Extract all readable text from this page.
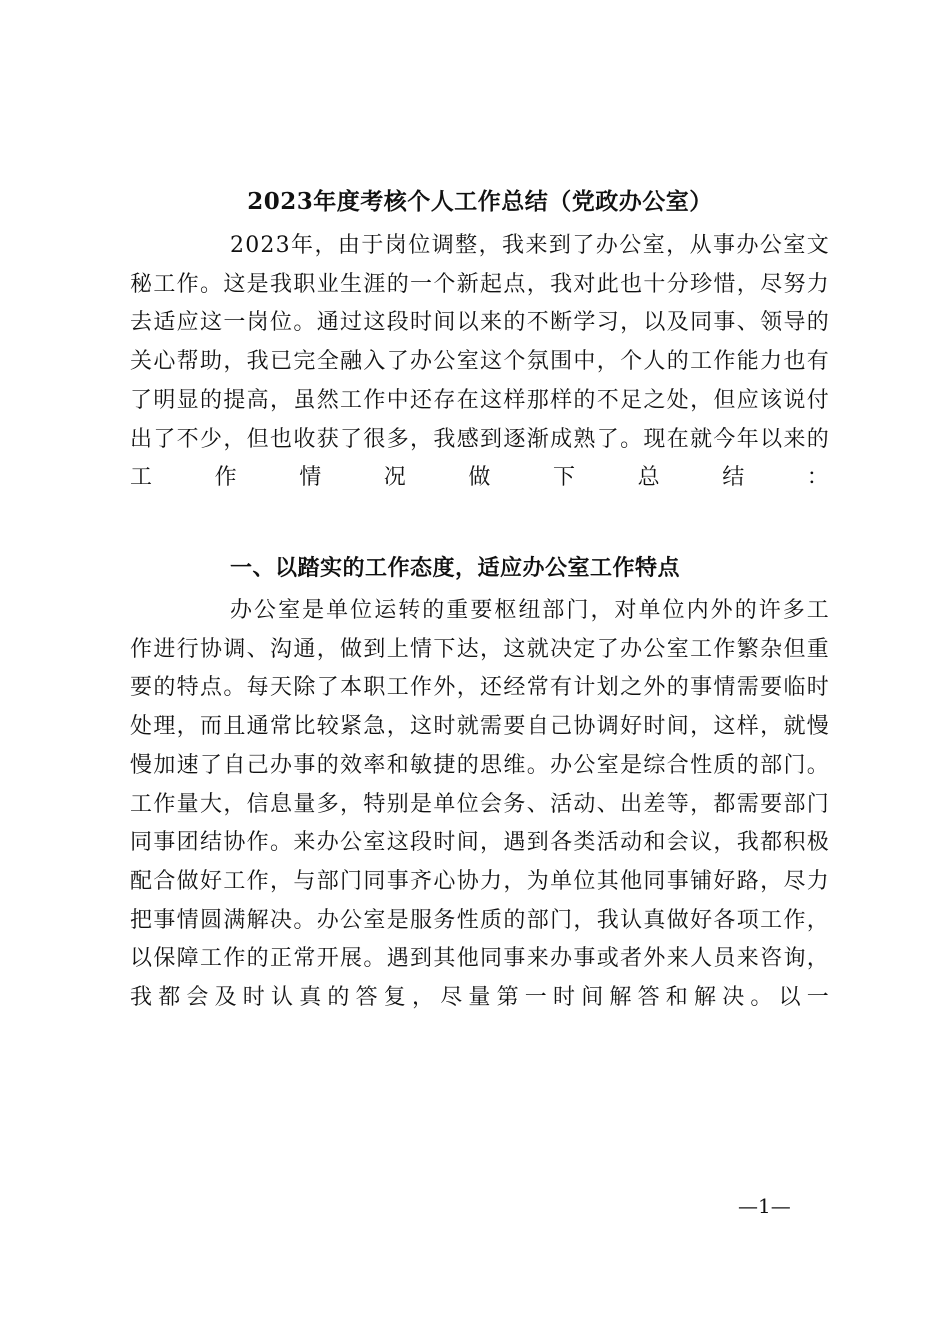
2023年度考核个人工作总结（党政办公室）
2023年，由于岗位调整，我来到了办公室，从事办公室文秘工作。这是我职业生涯的一个新起点，我对此也十分珍惜，尽努力去适应这一岗位。通过这段时间以来的不断学习，以及同事、领导的关心帮助，我已完全融入了办公室这个氛围中，个人的工作能力也有了明显的提高，虽然工作中还存在这样那样的不足之处，但应该说付出了不少，但也收获了很多，我感到逐渐成熟了。现在就今年以来的工作情况做下总结：
一、以踏实的工作态度，适应办公室工作特点
办公室是单位运转的重要枢纽部门，对单位内外的许多工作进行协调、沟通，做到上情下达，这就决定了办公室工作繁杂但重要的特点。每天除了本职工作外，还经常有计划之外的事情需要临时处理，而且通常比较紧急，这时就需要自己协调好时间，这样，就慢慢加速了自己办事的效率和敏捷的思维。办公室是综合性质的部门。工作量大，信息量多，特别是单位会务、活动、出差等，都需要部门同事团结协作。来办公室这段时间，遇到各类活动和会议，我都积极配合做好工作，与部门同事齐心协力，为单位其他同事铺好路，尽力把事情圆满解决。办公室是服务性质的部门，我认真做好各项工作，以保障工作的正常开展。遇到其他同事来办事或者外来人员来咨询，我都会及时认真的答复，尽量第一时间解答和解决。以一
—1—
